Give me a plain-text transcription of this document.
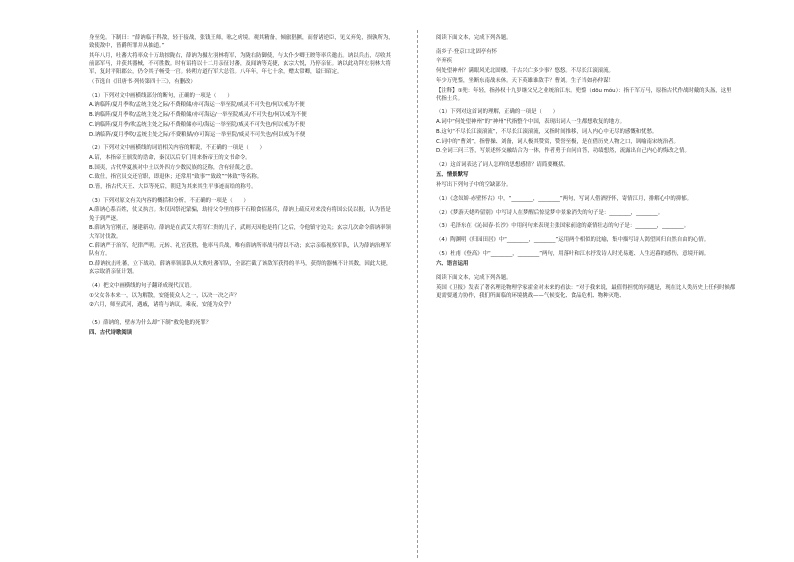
身至免。下制曰：“薛讷临于科敌，轻于接战，张钱王师，吆之虏境。观其精备，倾旅猖獗，而督诸逆臣，见义弃免，损孰所为，致使敌中，皆爵所罪并从抽道。”
其年八月，吐蕃大将率众十万劫掠陇右，薛讷为摄左羽林将军，为陇右防御使，与太仆少卿王晙等率兵邀击。讷以兵击，尽收其前部军马，并获其器械，不可胜数。时有诏将以十二月亲征讨蕃，及闻讷等克捷，玄宗大悦，乃停亲征。讷以此功拜左羽林大将军，复封平阳郡公，仍令其子畅受一官。转朔方道行军大总管。八年年，年七十余，赠太常卿，谥曰昭定。
（节选自《旧唐书·列传第四十三》，有删改）
（1）下列对文中画横线部分的断句，正确的一项是（　　）
A.讷临阵/夏月季吹/孟统主处之际/不费粮储/亦可海运一举至院/威灵不可失也/何以戒为不便
B.讷临阵/夏月季吹/孟统主处之际/不费粮储/亦可海运/一举至院威灵/不可失也/何以戒为不便
C.讷临阵/夏月季/吹孟统主处之际/不费粮储亦可/海运一举至院/威灵不可失也/何以戒为不便
D.讷临阵/夏月季吹/孟统主处之际/不费粮储/亦可海运一举至院/威灵不可失也/何以戒为不便
（2）下列对文中画横线的词语相关内容的解说，不正确的一项是（　　）
A.诏，本指帝王颁发的诰命，秦汉以后专门用来指帝王的文书命令。
B.国夷，古代华夏族对中土以外四方少数民族的泛称，含有轻蔑之意。
C.致仕，指官员交还官职，即退休；还常用“致事”“致政”“休致”等名称。
D.皆，指古代天王、大臣等死后，朝廷为其来其生平事迹而给的称号。
（3）下列对原文有关内容的概括和分析，不正确的一项是（　　）
A.薛讷心系百姓，仗义执言。朱仅因祭祀蒙骗，劫持父令里的移干石粮食招募兵，薛讷上疏反对来没有将国公民以报，认为皆是免于到严逐。
B.薛讷为官刚正，屡建新功。薛讷是在武艾大将军仁贵的儿子，武则天因他是将门之后，令他镇守边关；玄宗几次命令薛讷率领大军讨伐敌。
C.薛讷严于治军，纪律严明。元转、礼官获胜，他率马兵战，唯有薛讷所率战马得以不动；玄宗亲临视察军队，认为薛讷治理军队有方。
D.薛讷抗击吐蕃，立下战功。薛讷率领部队从大败吐蕃军队，全部拦截了该敌军获得的羊马，获得的器械不计其数，因此大捷，玄宗取消亲征计划。
（4）把文中画横线的句子翻译成现代汉语。
①父女各本来一，以为解散，安能使众人之一，以决一决之声？
②六月，师至武河，遇戚，诸将与讷议，乘夜，安能为众乎？
（5）薛讷的，壁赤为什么却“下制”救免他的死罪？
四、古代诗歌阅读
阅读下面文本，完成下列各题。
南乡子·登京口北固亭有怀
辛弃疾
何处望神州？满眼风光北固楼。千古兴亡多少事？悠悠。不尽长江滚滚流。
年少万兜鍪，坐断东南战未休。天下英雄谁敌手？曹刘。生子当如孙仲谋！
【注释】①兜：年轻，指孙权十九岁继父兄之业统治江东。兜鍪（dōu móu）：指千军万马，原指古代作战时戴的头盔，这里代指士兵。
（1）下列对这首词的理解，正确的一项是（　　）
A.词中“何处望神州”的“神州”代指整个中国，表现出词人一生都想收复的地方。
B.这句“不尽长江滚滚流”，不尽长江滚滚流，又指时间推移，词人内心中无尽的感慨和忧愁。
C.词中的“曹刘”，指曹操、刘备，词人极其赞赏，赞誉至极，是在借历史人物之口，讽喻南宋统治者。
D.全词三问三答，写景述怀交融结合为一体，作者勇于自问自答，功绩想然，流露出自己内心的悔改之情。
（2）这首词表达了词人怎样的思想感情？请简要概括。
五、情景默写
补写出下列句子中的空缺部分。
（1）《念奴娇·赤壁怀古》中，“________，________”两句，写词人借酒抒怀，寄情江月，排解心中的抑郁。
（2）《梦游天姥吟留别》中写诗人在梦醒后惊觉梦中景象消失的句子是：________，________。
（3）毛泽东在《沁园春·长沙》中用问句来表现主张国家前途的豪情壮志的句子是：________，________。
（4）陶渊明《归园田居》中“________，________”运用两个相似的比喻，集中描写诗人渴望回归自然自由的心情。
（5）杜甫《登高》中“________，________”两句，用落叶和江水抒发诗人时光易逝、人生迟暮的感伤，意境开阔。
六、语言运用
阅读下面文本，完成下列各题。
英国《卫报》发表了著名理论物理学家霍金对未来的看法：“对于我来说，最值得担忧的问题是，现在比人类历史上任何时候都更需要通力协作，我们所面临的环境挑战——气候变化、食品危机、物种灭绝、
